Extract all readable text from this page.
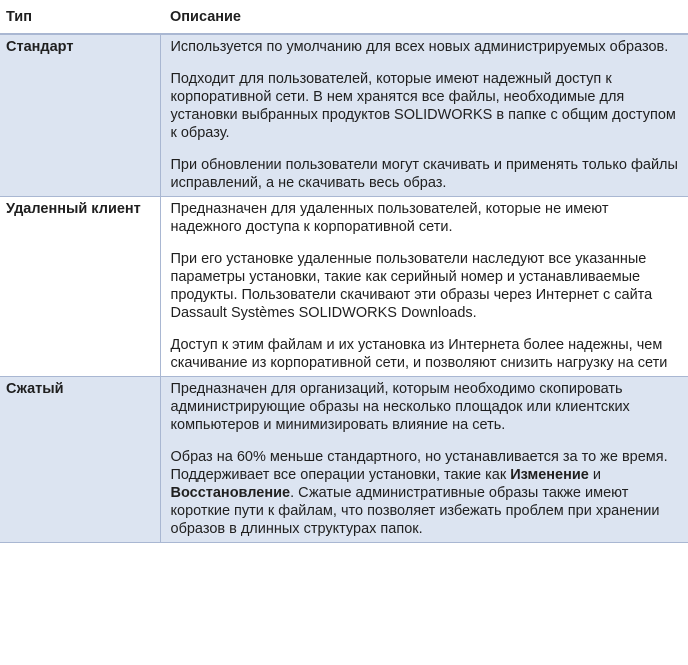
Тип	Описание
Стандарт	Используется по умолчанию для всех новых администрируемых образов.

Подходит для пользователей, которые имеют надежный доступ к корпоративной сети. В нем хранятся все файлы, необходимые для установки выбранных продуктов SOLIDWORKS в папке с общим доступом к образу.

При обновлении пользователи могут скачивать и применять только файлы исправлений, а не скачивать весь образ.

Удаленный клиент	Предназначен для удаленных пользователей, которые не имеют надежного доступа к корпоративной сети.

При его установке удаленные пользователи наследуют все указанные параметры установки, такие как серийный номер и устанавливаемые продукты. Пользователи скачивают эти образы через Интернет с сайта Dassault Systèmes SOLIDWORKS Downloads.

Доступ к этим файлам и их установка из Интернета более надежны, чем скачивание из корпоративной сети, и позволяют снизить нагрузку на сети

Сжатый	Предназначен для организаций, которым необходимо скопировать администрирующие образы на несколько площадок или клиентских компьютеров и минимизировать влияние на сеть.

Образ на 60% меньше стандартного, но устанавливается за то же время. Поддерживает все операции установки, такие как Изменение и Восстановление. Сжатые административные образы также имеют короткие пути к файлам, что позволяет избежать проблем при хранении образов в длинных структурах папок.
